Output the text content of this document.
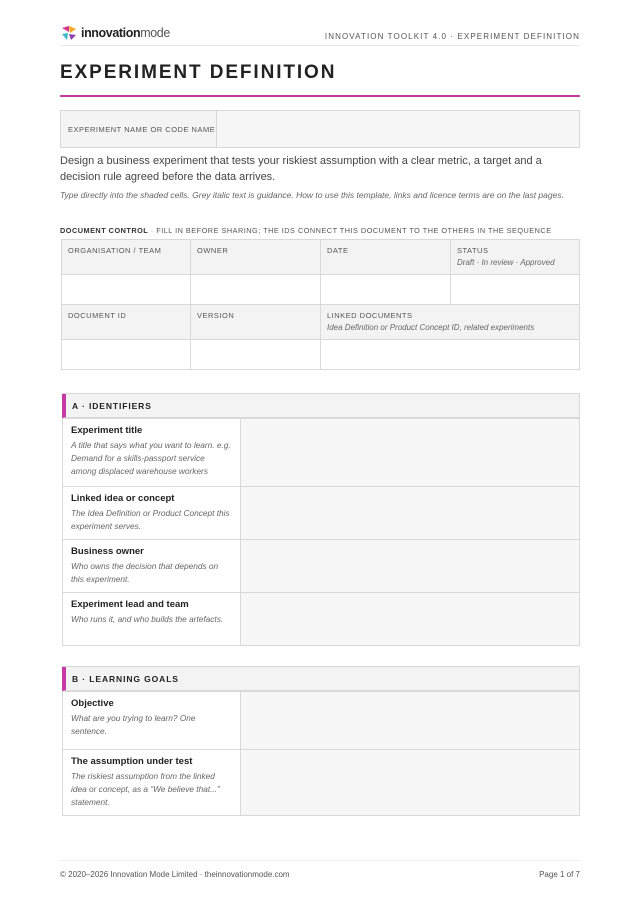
innovationmode	INNOVATION TOOLKIT 4.0 · EXPERIMENT DEFINITION
EXPERIMENT DEFINITION
EXPERIMENT NAME OR CODE NAME
Design a business experiment that tests your riskiest assumption with a clear metric, a target and a decision rule agreed before the data arrives.
Type directly into the shaded cells. Grey italic text is guidance. How to use this template, links and licence terms are on the last pages.
DOCUMENT CONTROL · FILL IN BEFORE SHARING; THE IDS CONNECT THIS DOCUMENT TO THE OTHERS IN THE SEQUENCE
ORGANISATION / TEAM	OWNER	DATE	STATUS
Draft · In review · Approved

DOCUMENT ID	VERSION	LINKED DOCUMENTS
Idea Definition or Product Concept ID, related experiments	

A · IDENTIFIERS
Experiment title
A title that says what you want to learn. e.g. Demand for a skills-passport service among displaced warehouse workers
Linked idea or concept
The Idea Definition or Product Concept this experiment serves.
Business owner
Who owns the decision that depends on this experiment.
Experiment lead and team
Who runs it, and who builds the artefacts.
B · LEARNING GOALS
Objective
What are you trying to learn? One sentence.
The assumption under test
The riskiest assumption from the linked idea or concept, as a “We believe that...” statement.
© 2020–2026 Innovation Mode Limited · theinnovationmode.com	Page 1 of 7
